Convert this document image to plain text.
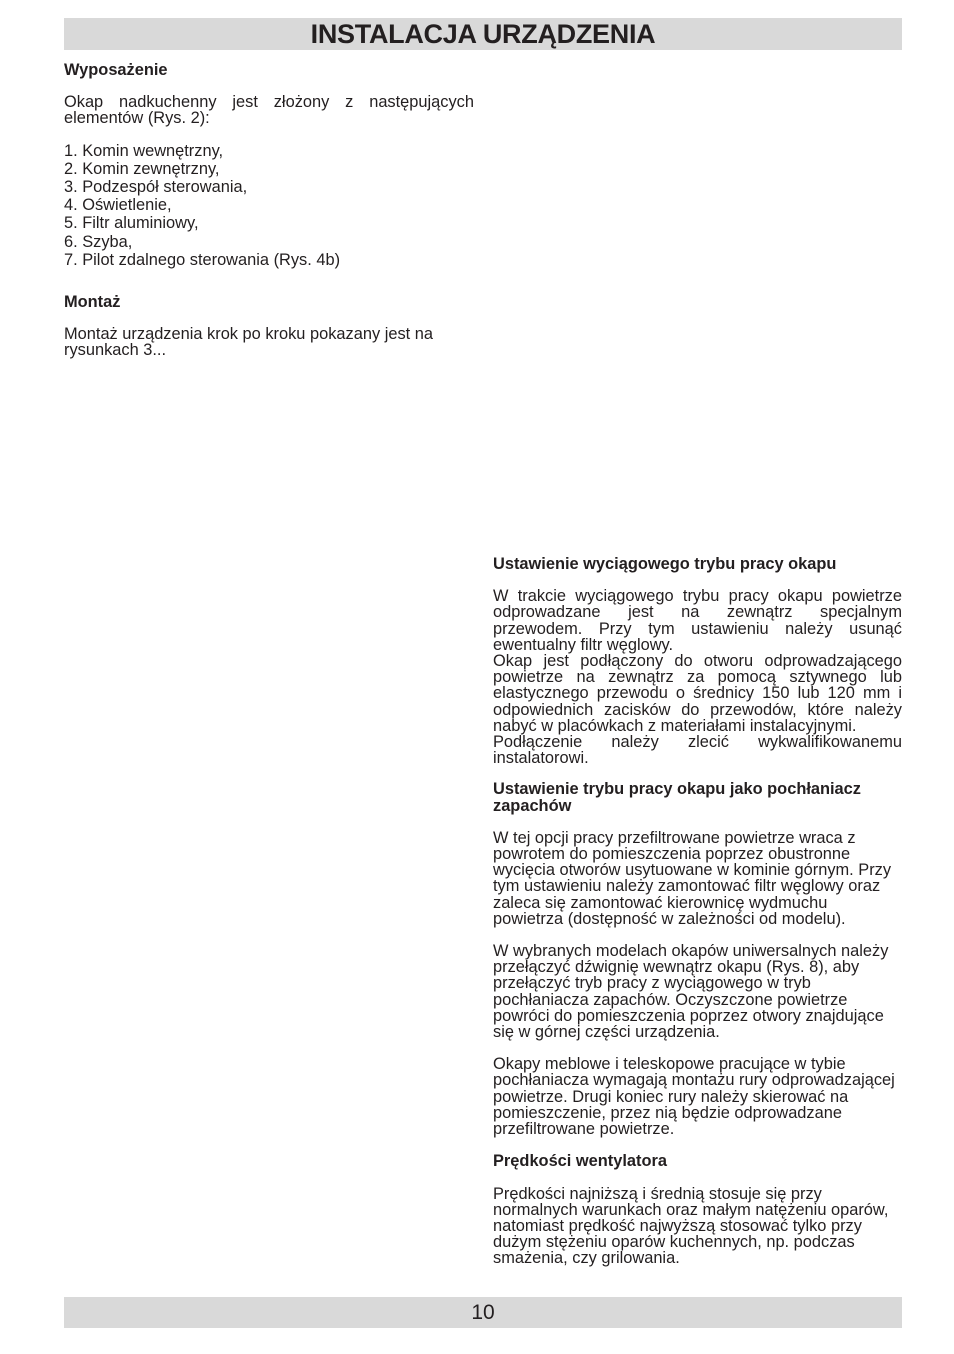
INSTALACJA URZĄDZENIA
Wyposażenie

Okap nadkuchenny jest złożony z następujących elementów (Rys. 2):

1. Komin wewnętrzny,
2. Komin zewnętrzny,
3. Podzespół sterowania,
4. Oświetlenie,
5. Filtr aluminiowy,
6. Szyba,
7. Pilot zdalnego sterowania (Rys. 4b)
Montaż

Montaż urządzenia krok po kroku pokazany jest na rysunkach 3...

Ustawienie wyciągowego trybu pracy okapu

W trakcie wyciągowego trybu pracy okapu powietrze odprowadzane jest na zewnątrz specjalnym przewodem. Przy tym ustawieniu należy usunąć ewentualny filtr węglowy.

Okap jest podłączony do otworu odprowadzającego powietrze na zewnątrz za pomocą sztywnego lub elastycznego przewodu o średnicy 150 lub 120 mm i odpowiednich zacisków do przewodów, które należy nabyć w placówkach z materiałami instalacyjnymi.

Podłączenie należy zlecić wykwalifikowanemu instalatorowi.

Ustawienie trybu pracy okapu jako pochłaniacz zapachów

W tej opcji pracy przefiltrowane powietrze wraca z powrotem do pomieszczenia poprzez obustronne wycięcia otworów usytuowane w kominie górnym. Przy tym ustawieniu należy zamontować filtr węglowy oraz zaleca się zamontować kierownicę wydmuchu powietrza (dostępność w zależności od modelu).

W wybranych modelach okapów uniwersalnych należy przełączyć dźwignię wewnątrz okapu (Rys. 8), aby przełączyć tryb pracy z wyciągowego w tryb pochłaniacza zapachów. Oczyszczone powietrze powróci do pomieszczenia poprzez otwory znajdujące się w górnej części urządzenia.

Okapy meblowe i teleskopowe pracujące w tybie pochłaniacza wymagają montażu rury odprowadzającej powietrze. Drugi koniec rury należy skierować na pomieszczenie, przez nią będzie odprowadzane przefiltrowane powietrze.

Prędkości wentylatora

Prędkości najniższą i średnią stosuje się przy normalnych warunkach oraz małym natężeniu oparów, natomiast prędkość najwyższą stosować tylko przy dużym stężeniu oparów kuchennych, np. podczas smażenia, czy grilowania.

10
